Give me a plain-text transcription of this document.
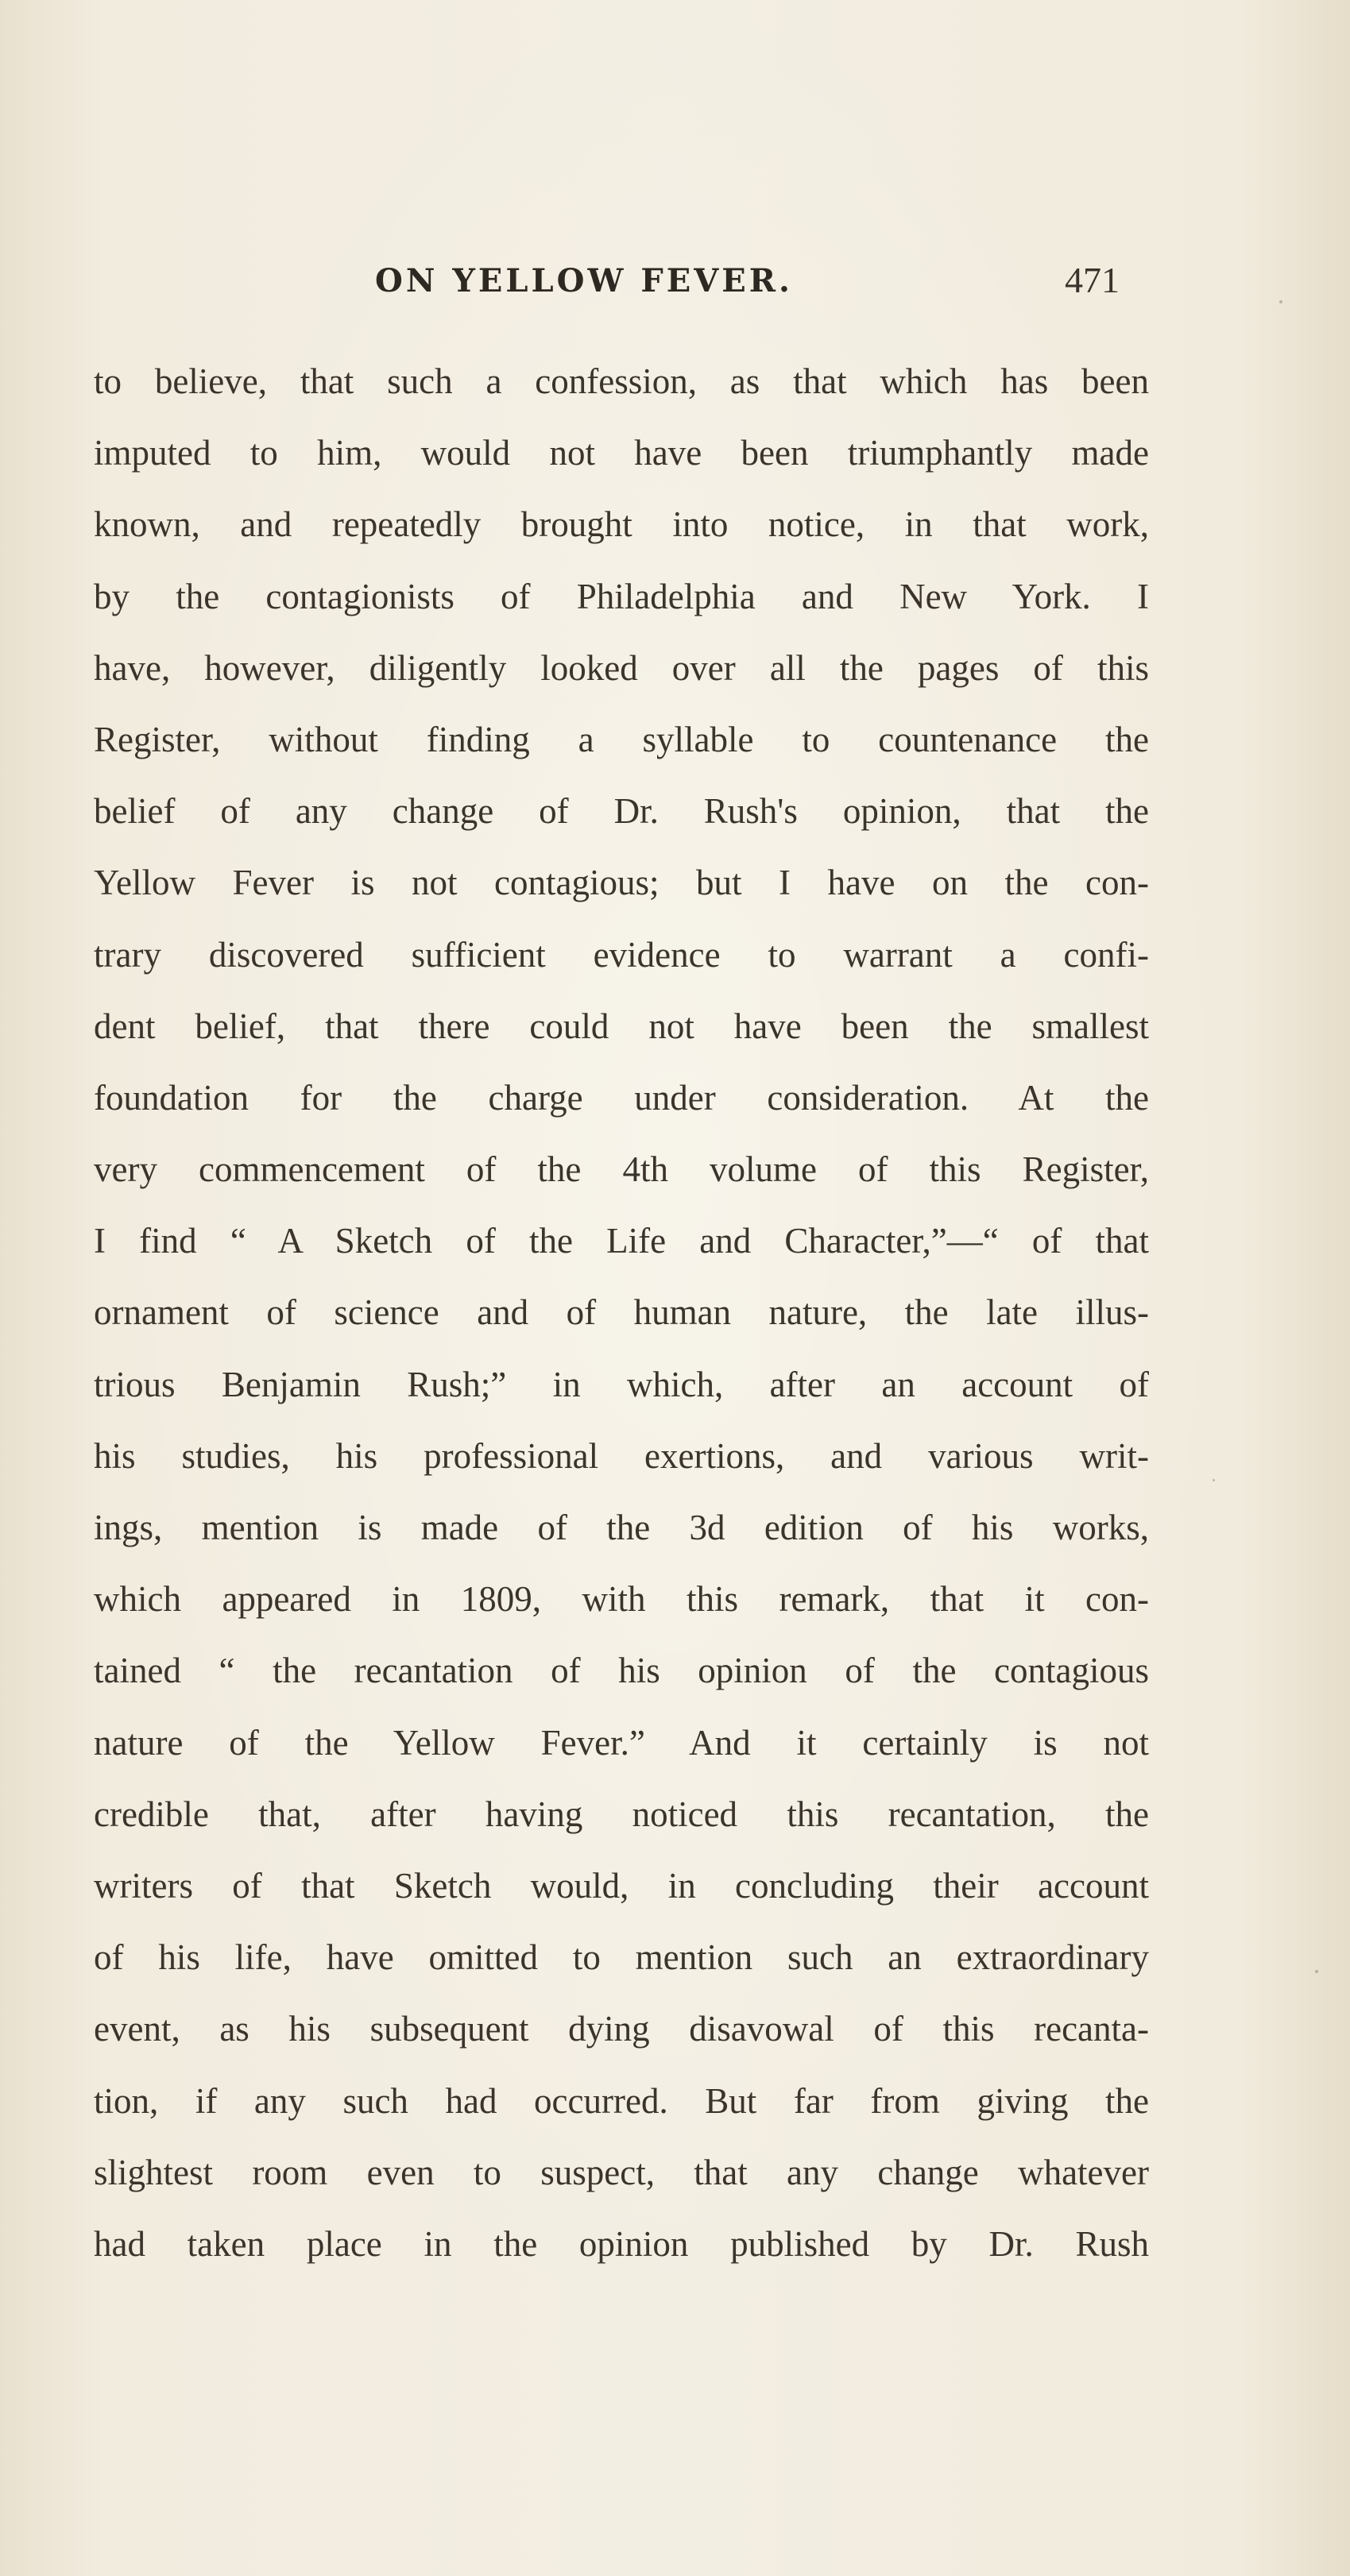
ON YELLOW FEVER.	471
to believe, that such a confession, as that which has been
imputed to him, would not have been triumphantly made
known, and repeatedly brought into notice, in that work,
by the contagionists of Philadelphia and New York. I
have, however, diligently looked over all the pages of this
Register, without finding a syllable to countenance the
belief of any change of Dr. Rush's opinion, that the
Yellow Fever is not contagious; but I have on the con-
trary discovered sufficient evidence to warrant a confi-
dent belief, that there could not have been the smallest
foundation for the charge under consideration. At the
very commencement of the 4th volume of this Register,
I find “ A Sketch of the Life and Character,”—“ of that
ornament of science and of human nature, the late illus-
trious Benjamin Rush;” in which, after an account of
his studies, his professional exertions, and various writ-
ings, mention is made of the 3d edition of his works,
which appeared in 1809, with this remark, that it con-
tained “ the recantation of his opinion of the contagious
nature of the Yellow Fever.” And it certainly is not
credible that, after having noticed this recantation, the
writers of that Sketch would, in concluding their account
of his life, have omitted to mention such an extraordinary
event, as his subsequent dying disavowal of this recanta-
tion, if any such had occurred. But far from giving the
slightest room even to suspect, that any change whatever
had taken place in the opinion published by Dr. Rush
